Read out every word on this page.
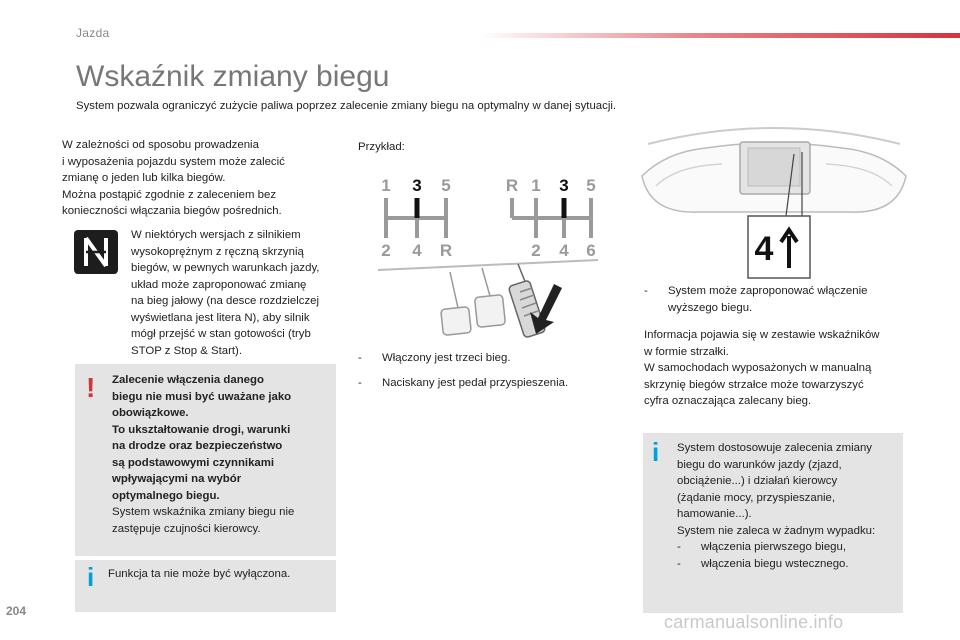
Jazda
Wskaźnik zmiany biegu
System pozwala ograniczyć zużycie paliwa poprzez zalecenie zmiany biegu na optymalny w danej sytuacji.
W zależności od sposobu prowadzenia
i wyposażenia pojazdu system może zalecić
zmianę o jeden lub kilka biegów.
Można postąpić zgodnie z zaleceniem bez
konieczności włączania biegów pośrednich.
W niektórych wersjach z silnikiem
wysokoprężnym z ręczną skrzynią
biegów, w pewnych warunkach jazdy,
układ może zaproponować zmianę
na bieg jałowy (na desce rozdzielczej
wyświetlana jest litera N), aby silnik
mógł przejść w stan gotowości (tryb
STOP z Stop & Start).
! Zalecenie włączenia danego
biegu nie musi być uważane jako
obowiązkowe.
To ukształtowanie drogi, warunki
na drodze oraz bezpieczeństwo
są podstawowymi czynnikami
wpływającymi na wybór
optymalnego biegu.
System wskaźnika zmiany biegu nie
zastępuje czujności kierowcy.
i Funkcja ta nie może być wyłączona.
Przykład:
1 3 5
2 4 R
R 1 3 5
2 4 6
- Włączony jest trzeci bieg.
- Naciskany jest pedał przyspieszenia.
4
- System może zaproponować włączenie wyższego biegu.
Informacja pojawia się w zestawie wskaźników
w formie strzałki.
W samochodach wyposażonych w manualną
skrzynię biegów strzałce może towarzyszyć
cyfra oznaczająca zalecany bieg.
i System dostosowuje zalecenia zmiany
biegu do warunków jazdy (zjazd,
obciążenie...) i działań kierowcy
(żądanie mocy, przyspieszanie,
hamowanie...).
System nie zaleca w żadnym wypadku:
- włączenia pierwszego biegu,
- włączenia biegu wstecznego.
204
carmanualsonline.info
